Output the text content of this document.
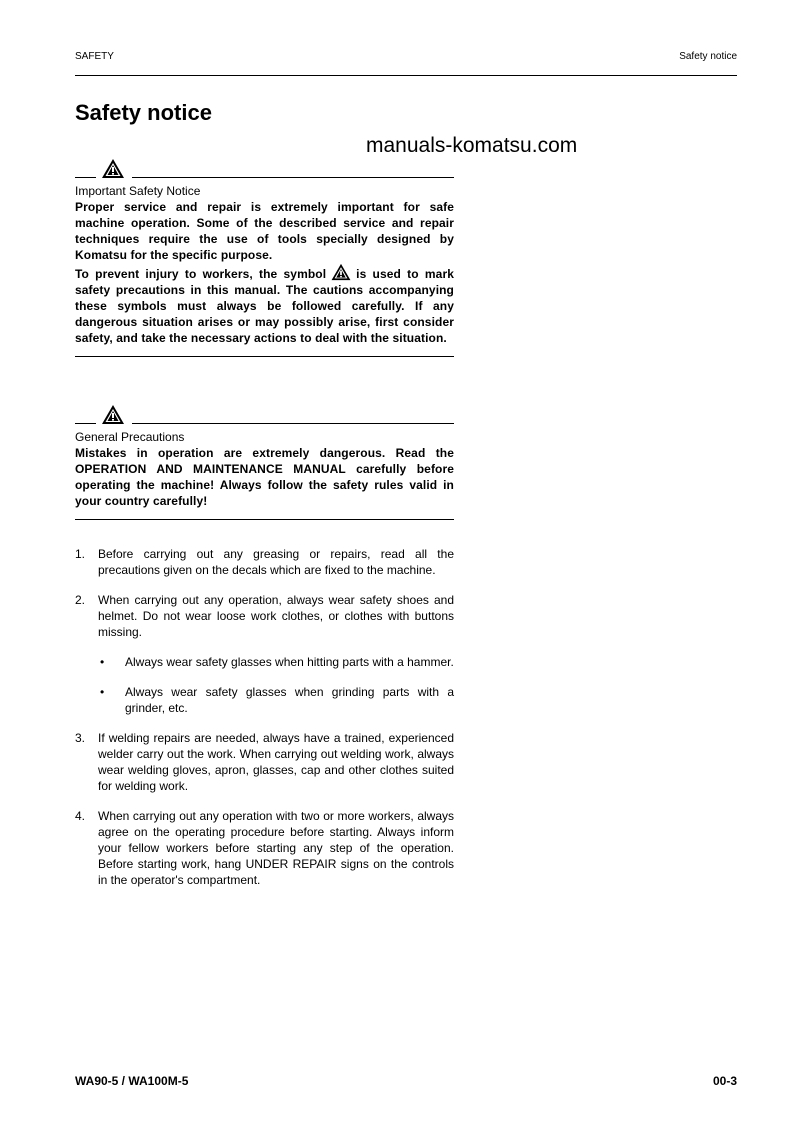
SAFETY	Safety notice
Safety notice
manuals-komatsu.com
Important Safety Notice
Proper service and repair is extremely important for safe machine operation. Some of the described service and repair techniques require the use of tools specially designed by Komatsu for the specific purpose.
To prevent injury to workers, the symbol	is used to mark safety precautions in this manual. The cautions accompanying these symbols must always be followed carefully. If any dangerous situation arises or may possibly arise, first consider safety, and take the necessary actions to deal with the situation.
General Precautions
Mistakes in operation are extremely dangerous. Read the OPERATION AND MAINTENANCE MANUAL carefully before operating the machine! Always follow the safety rules valid in your country carefully!
1.	Before carrying out any greasing or repairs, read all the precautions given on the decals which are fixed to the machine.
2.	When carrying out any operation, always wear safety shoes and helmet. Do not wear loose work clothes, or clothes with buttons missing.
•	Always wear safety glasses when hitting parts with a hammer.
•	Always wear safety glasses when grinding parts with a grinder, etc.
3.	If welding repairs are needed, always have a trained, experienced welder carry out the work. When carrying out welding work, always wear welding gloves, apron, glasses, cap and other clothes suited for welding work.
4.	When carrying out any operation with two or more workers, always agree on the operating procedure before starting. Always inform your fellow workers before starting any step of the operation. Before starting work, hang UNDER REPAIR signs on the controls in the operator's compartment.
WA90-5 / WA100M-5	00-3
